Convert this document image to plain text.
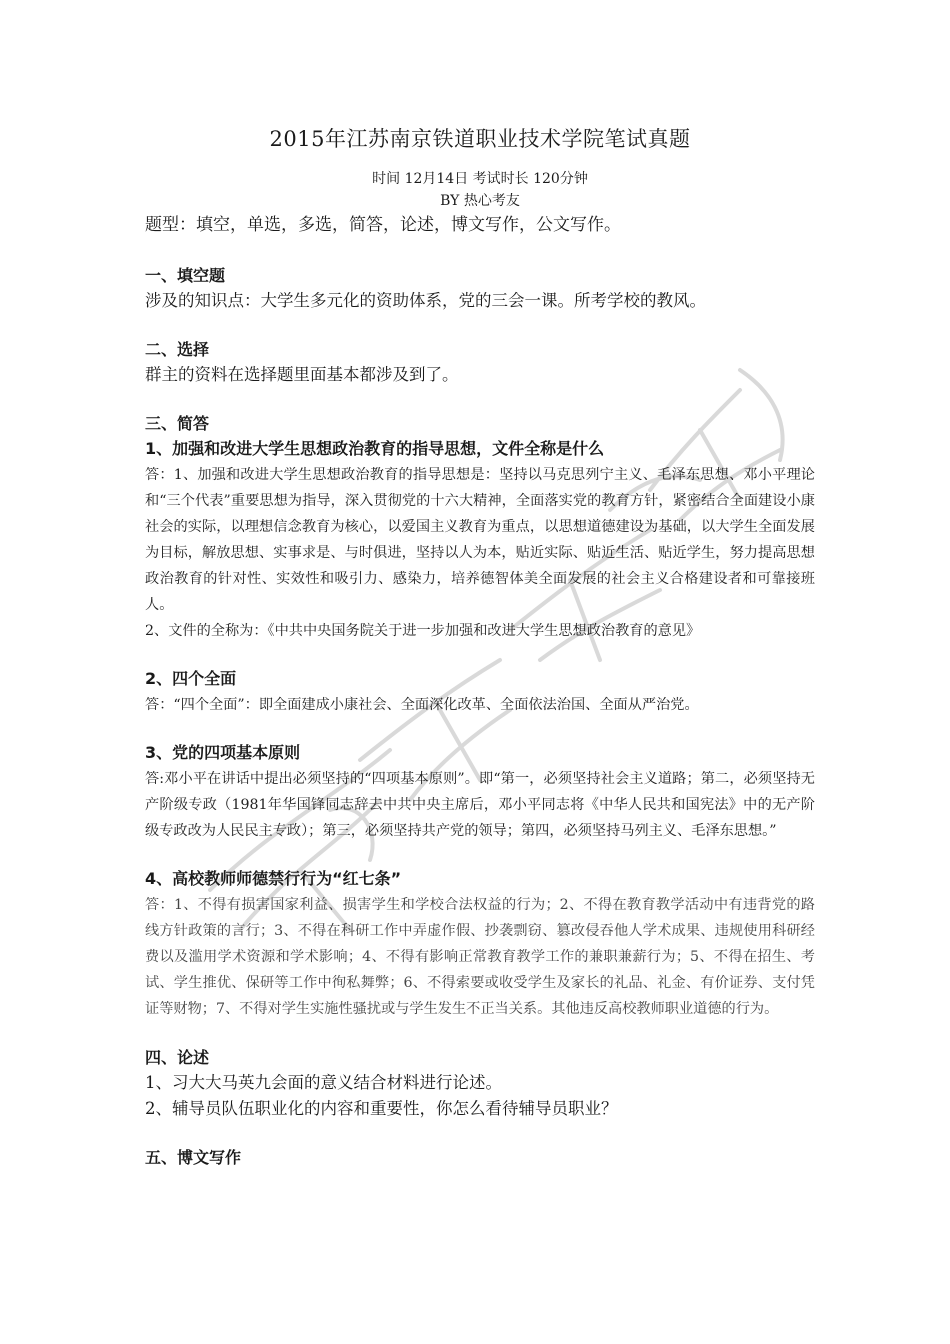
2015年江苏南京铁道职业技术学院笔试真题
时间 12月14日 考试时长 120分钟
BY 热心考友
题型：填空，单选，多选，简答，论述，博文写作，公文写作。
一、填空题
涉及的知识点：大学生多元化的资助体系，党的三会一课。所考学校的教风。
二、选择
群主的资料在选择题里面基本都涉及到了。
三、简答
1、加强和改进大学生思想政治教育的指导思想，文件全称是什么
答：1、加强和改进大学生思想政治教育的指导思想是：坚持以马克思列宁主义、毛泽东思想、邓小平理论和“三个代表”重要思想为指导，深入贯彻党的十六大精神，全面落实党的教育方针，紧密结合全面建设小康社会的实际，以理想信念教育为核心，以爱国主义教育为重点，以思想道德建设为基础，以大学生全面发展为目标，解放思想、实事求是、与时俱进，坚持以人为本，贴近实际、贴近生活、贴近学生，努力提高思想政治教育的针对性、实效性和吸引力、感染力，培养德智体美全面发展的社会主义合格建设者和可靠接班人。
2、文件的全称为：《中共中央国务院关于进一步加强和改进大学生思想政治教育的意见》
2、四个全面
答：“四个全面”：即全面建成小康社会、全面深化改革、全面依法治国、全面从严治党。
3、党的四项基本原则
答:邓小平在讲话中提出必须坚持的“四项基本原则”。即“第一，必须坚持社会主义道路；第二，必须坚持无产阶级专政（1981年华国锋同志辞去中共中央主席后，邓小平同志将《中华人民共和国宪法》中的无产阶级专政改为人民民主专政）；第三，必须坚持共产党的领导；第四，必须坚持马列主义、毛泽东思想。”
4、高校教师师德禁行行为“红七条”
答：1、不得有损害国家利益、损害学生和学校合法权益的行为；2、不得在教育教学活动中有违背党的路线方针政策的言行；3、不得在科研工作中弄虚作假、抄袭剽窃、篡改侵吞他人学术成果、违规使用科研经费以及滥用学术资源和学术影响；4、不得有影响正常教育教学工作的兼职兼薪行为；5、不得在招生、考试、学生推优、保研等工作中徇私舞弊；6、不得索要或收受学生及家长的礼品、礼金、有价证券、支付凭证等财物；7、不得对学生实施性骚扰或与学生发生不正当关系。其他违反高校教师职业道德的行为。
四、论述
1、习大大马英九会面的意义结合材料进行论述。
2、辅导员队伍职业化的内容和重要性，你怎么看待辅导员职业？
五、博文写作
